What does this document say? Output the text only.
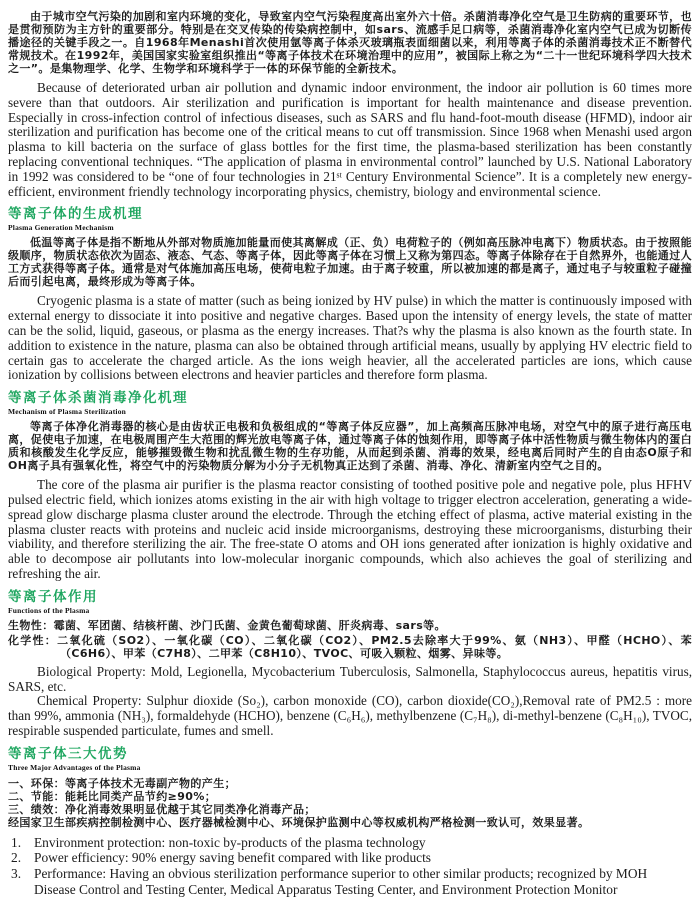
由于城市空气污染的加剧和室内环境的变化，导致室内空气污染程度高出室外六十倍。杀菌消毒净化空气是卫生防病的重要环节，也是贯彻预防为主方针的重要部分。特别是在交叉传染的传染病控制中，如sars、流感手足口病等，杀菌消毒净化室内空气已成为切断传播途径的关键手段之一。自1968年Menashi首次使用氩等离子体杀灭玻璃瓶表面细菌以来，利用等离子体的杀菌消毒技术正不断替代常规技术。在1992年，美国国家实验室组织推出“等离子体技术在环境治理中的应用”，被国际上称之为“二十一世纪环境科学四大技术之一”。是集物理学、化学、生物学和环境科学于一体的环保节能的全新技术。

Because of deteriorated urban air pollution and dynamic indoor environment, the indoor air pollution is 60 times more severe than that outdoors. Air sterilization and purification is important for health maintenance and disease prevention. Especially in cross-infection control of infectious diseases, such as SARS and flu hand-foot-mouth disease (HFMD), indoor air sterilization and purification has become one of the critical means to cut off transmission. Since 1968 when Menashi used argon plasma to kill bacteria on the surface of glass bottles for the first time, the plasma-based sterilization has been constantly replacing conventional techniques. “The application of plasma in environmental control” launched by U.S. National Laboratory in 1992 was considered to be “one of four technologies in 21ˢᵗ Century Environmental Science”. It is a completely new energy-efficient, environment friendly technology incorporating physics, chemistry, biology and environmental science.

等离子体的生成机理
Plasma Generation Mechanism

低温等离子体是指不断地从外部对物质施加能量而使其离解成（正、负）电荷粒子的（例如高压脉冲电离下）物质状态。由于按照能级顺序，物质状态依次为固态、液态、气态、等离子体，因此等离子体在习惯上又称为第四态。等离子体除存在于自然界外，也能通过人工方式获得等离子体。通常是对气体施加高压电场，使荷电粒子加速。由于离子较重，所以被加速的都是离子，通过电子与较重粒子碰撞后而引起电离，最终形成为等离子体。

Cryogenic plasma is a state of matter (such as being ionized by HV pulse) in which the matter is continuously imposed with external energy to dissociate it into positive and negative charges. Based upon the intensity of energy levels, the state of matter can be the solid, liquid, gaseous, or plasma as the energy increases. That?s why the plasma is also known as the fourth state. In addition to existence in the nature, plasma can also be obtained through artificial means, usually by applying HV electric field to certain gas to accelerate the charged article. As the ions weigh heavier, all the accelerated particles are ions, which cause ionization by collisions between electrons and heavier particles and therefore form plasma.

等离子体杀菌消毒净化机理
Mechanism of Plasma Sterilization

等离子体净化消毒器的核心是由齿状正电极和负极组成的“等离子体反应器”，加上高频高压脉冲电场，对空气中的原子进行高压电离，促使电子加速，在电极周围产生大范围的辉光放电等离子体，通过等离子体的蚀刻作用，即等离子体中活性物质与微生物体内的蛋白质和核酸发生化学反应，能够摧毁微生物和扰乱微生物的生存功能，从而起到杀菌、消毒的效果，经电离后同时产生的自由态O原子和OH离子具有强氧化性，将空气中的污染物质分解为小分子无机物真正达到了杀菌、消毒、净化、清新室内空气之目的。

The core of the plasma air purifier is the plasma reactor consisting of toothed positive pole and negative pole, plus HFHV pulsed electric field, which ionizes atoms existing in the air with high voltage to trigger electron acceleration, generating a wide-spread glow discharge plasma cluster around the electrode. Through the etching effect of plasma, active material existing in the plasma cluster reacts with proteins and nucleic acid inside microorganisms, destroying these microorganisms, disturbing their viability, and therefore sterilizing the air. The free-state O atoms and OH ions generated after ionization is highly oxidative and able to decompose air pollutants into low-molecular inorganic compounds, which also achieves the goal of sterilizing and refreshing the air.

等离子体作用
Functions of the Plasma

生物性：霉菌、军团菌、结核杆菌、沙门氏菌、金黄色葡萄球菌、肝炎病毒、sars等。

化学性：二氧化硫（SO2）、一氧化碳（CO）、二氧化碳（CO2）、PM2.5去除率大于99%、氨（NH3）、甲醛（HCHO）、苯（C6H6）、甲苯（C7H8）、二甲苯（C8H10）、TVOC、可吸入颗粒、烟雾、异味等。

Biological Property: Mold, Legionella, Mycobacterium Tuberculosis, Salmonella, Staphylococcus aureus, hepatitis virus, SARS, etc.

Chemical Property: Sulphur dioxide (So₂), carbon monoxide (CO), carbon dioxide(CO₂),Removal rate of PM2.5 : more than 99%, ammonia (NH₃), formaldehyde (HCHO), benzene (C₆H₆), methylbenzene (C₇H₈), di-methyl-benzene (C₈H₁₀), TVOC, respirable suspended particulate, fumes and smell.

等离子体三大优势
Three Major Advantages of the Plasma

一、环保：等离子体技术无毒副产物的产生；

二、节能：能耗比同类产品节约≥90%；

三、绩效：净化消毒效果明显优越于其它同类净化消毒产品；

经国家卫生部疾病控制检测中心、医疗器械检测中心、环境保护监测中心等权威机构严格检测一致认可，效果显著。

1. Environment protection: non-toxic by-products of the plasma technology
2. Power efficiency: 90% energy saving benefit compared with like products
3. Performance: Having an obvious sterilization performance superior to other similar products; recognized by MOH Disease Control and Testing Center, Medical Apparatus Testing Center, and Environment Protection Monitor
